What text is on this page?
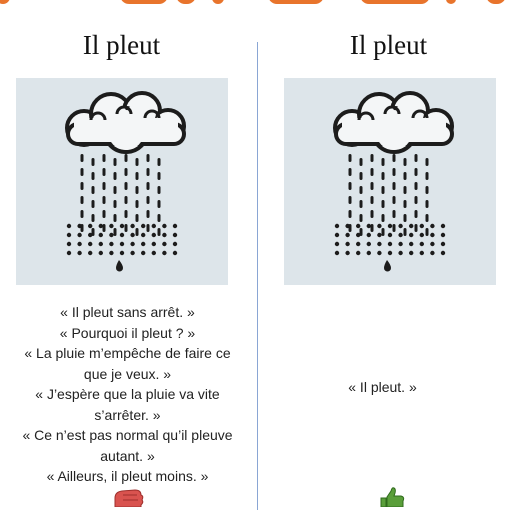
Il pleut
« Il pleut sans arrêt. »
« Pourquoi il pleut ? »
« La pluie m’empêche de faire ce
que je veux. »
« J’espère que la pluie va vite
s’arrêter. »
« Ce n’est pas normal qu’il pleuve
autant. »
« Ailleurs, il pleut moins. »
Il pleut
« Il pleut. »
